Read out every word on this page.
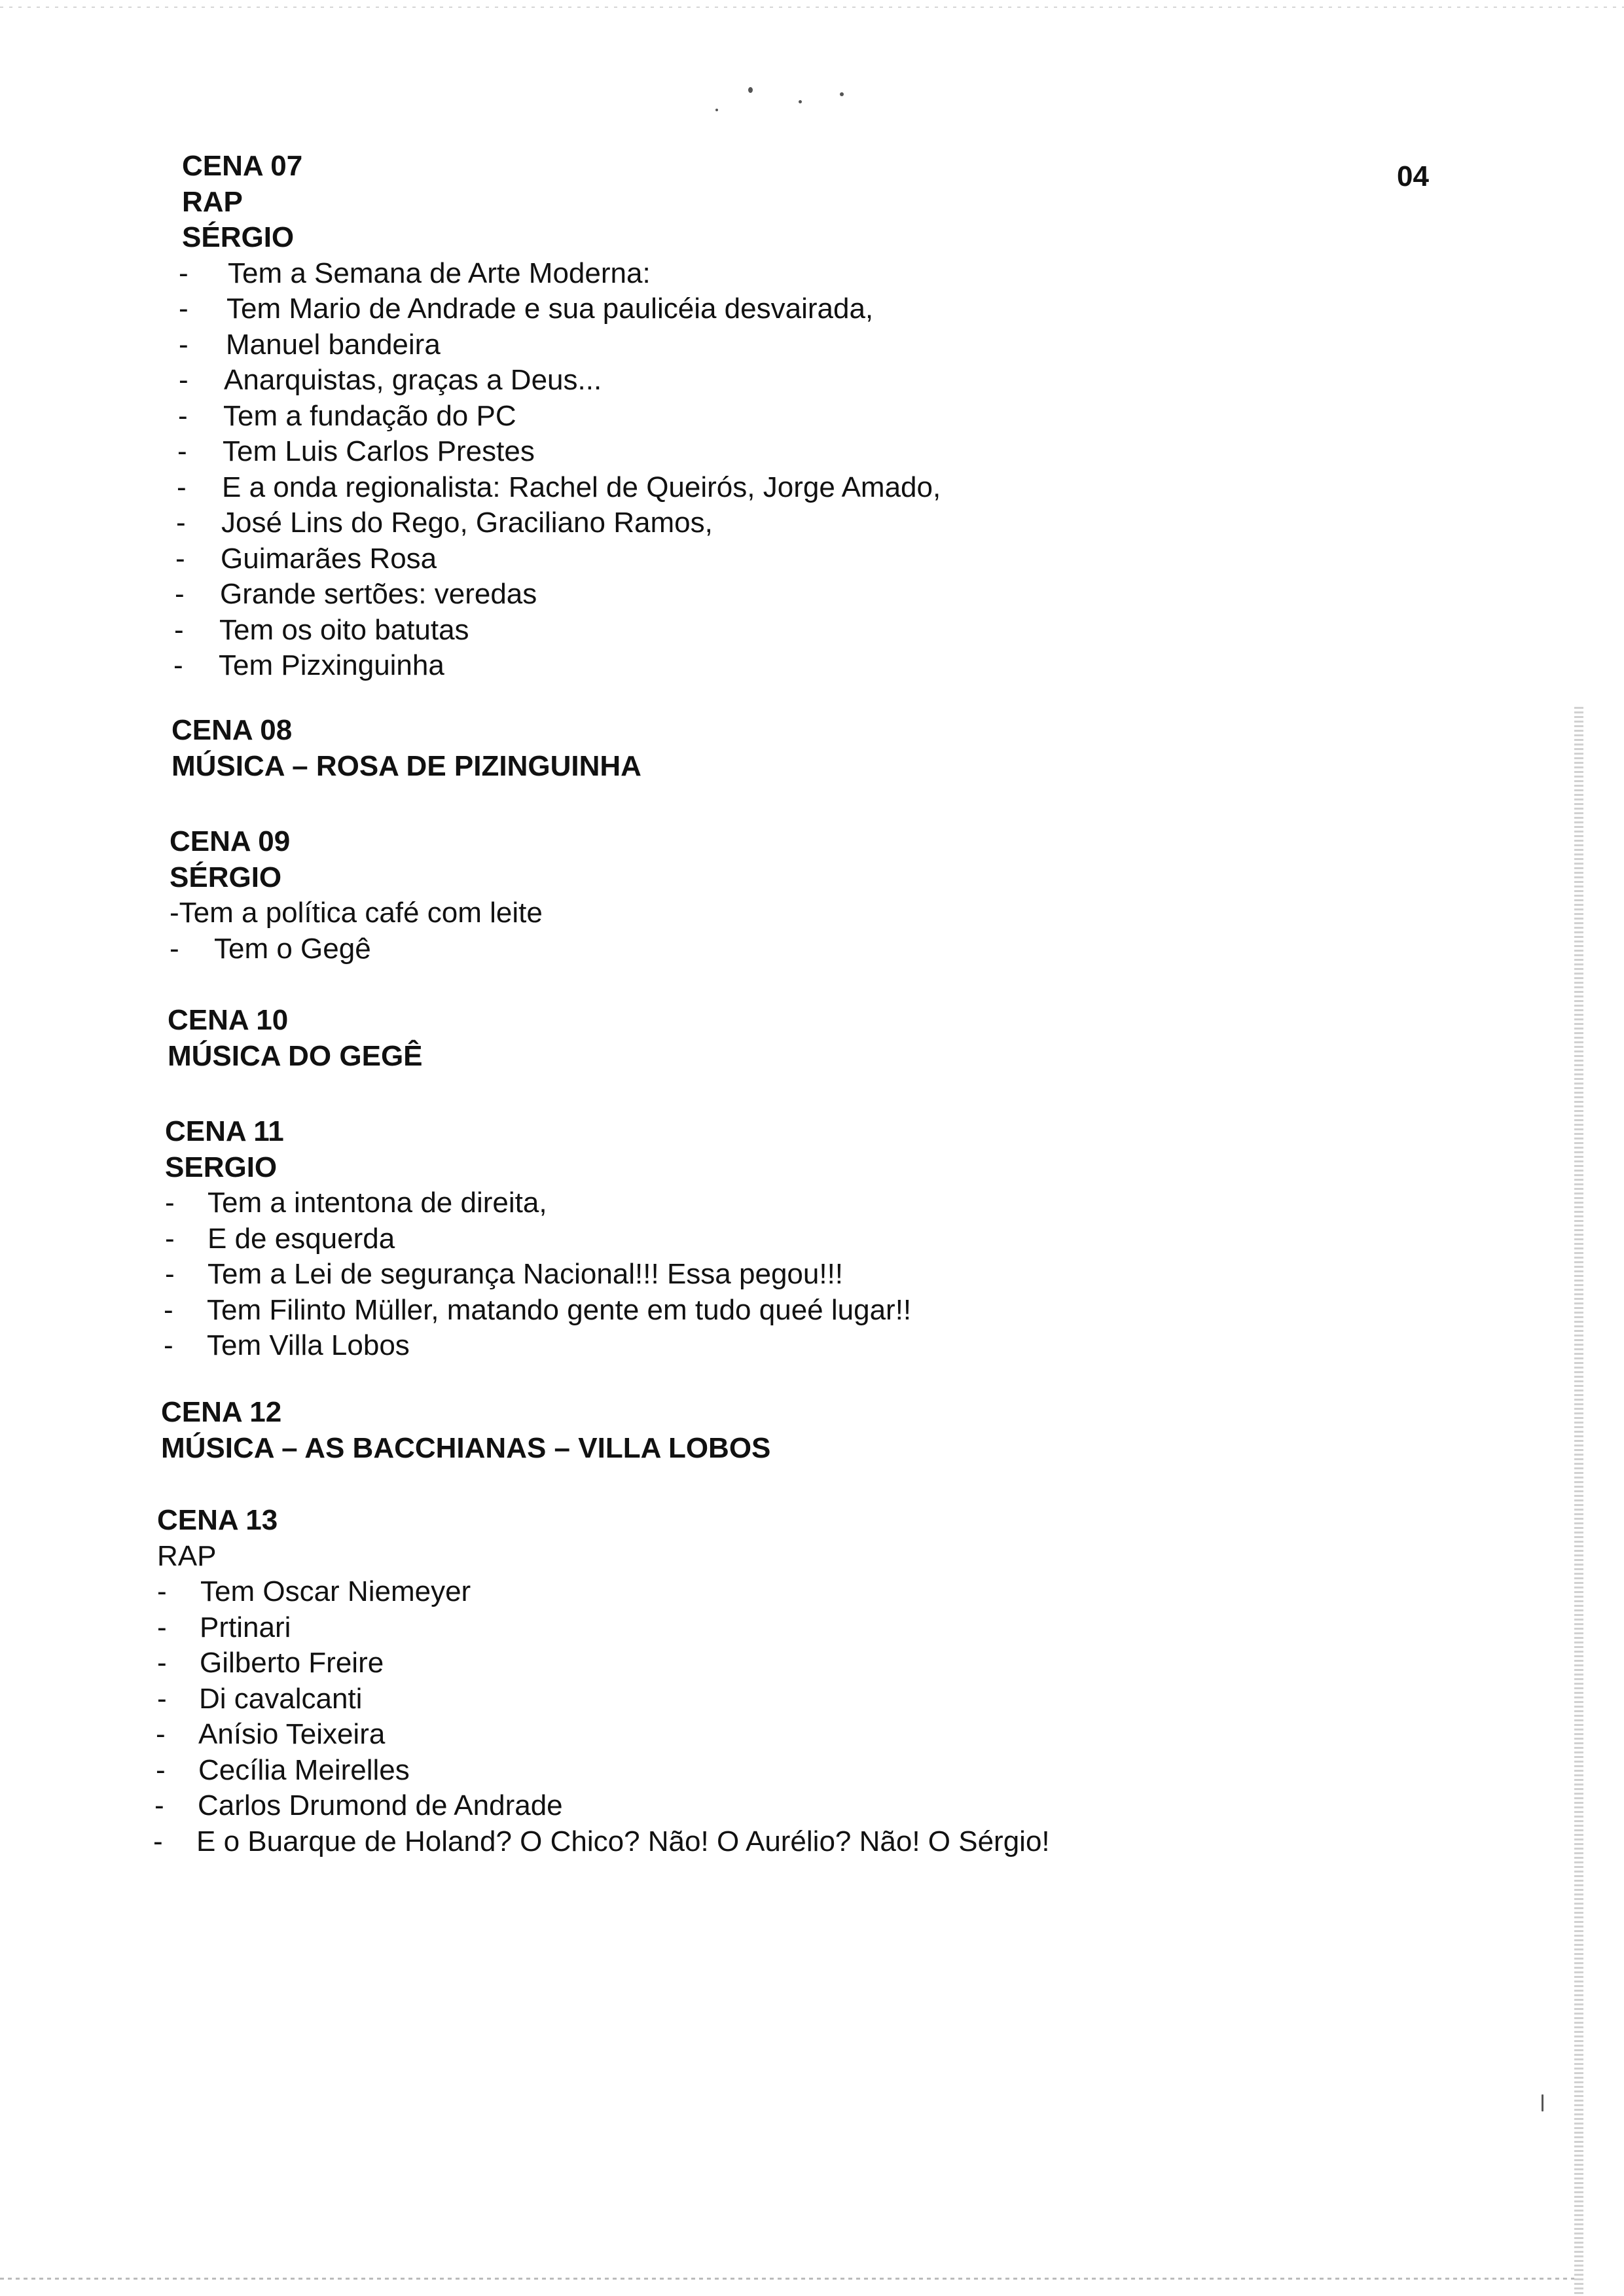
04
CENA 07
RAP
SÉRGIO
- Tem a Semana de Arte Moderna:
- Tem Mario de Andrade e sua paulicéia desvairada,
- Manuel bandeira
- Anarquistas, graças a Deus...
- Tem a fundação do PC
- Tem Luis Carlos Prestes
- E a onda regionalista: Rachel de Queirós, Jorge Amado,
- José Lins do Rego, Graciliano Ramos,
- Guimarães Rosa
- Grande sertões: veredas
- Tem os oito batutas
- Tem Pizxinguinha
CENA 08
MÚSICA – ROSA DE PIZINGUINHA
CENA 09
SÉRGIO
-Tem a política café com leite
- Tem o Gegê
CENA 10
MÚSICA DO GEGÊ
CENA 11
SERGIO
- Tem a intentona de direita,
- E de esquerda
- Tem a Lei de segurança Nacional!!! Essa pegou!!!
- Tem Filinto Müller, matando gente em tudo queé lugar!!
- Tem Villa Lobos
CENA 12
MÚSICA – AS BACCHIANAS – VILLA LOBOS
CENA 13
RAP
- Tem Oscar Niemeyer
- Prtinari
- Gilberto Freire
- Di cavalcanti
- Anísio Teixeira
- Cecília Meirelles
- Carlos Drumond de Andrade
- E o Buarque de Holand? O Chico? Não! O Aurélio? Não! O Sérgio!
